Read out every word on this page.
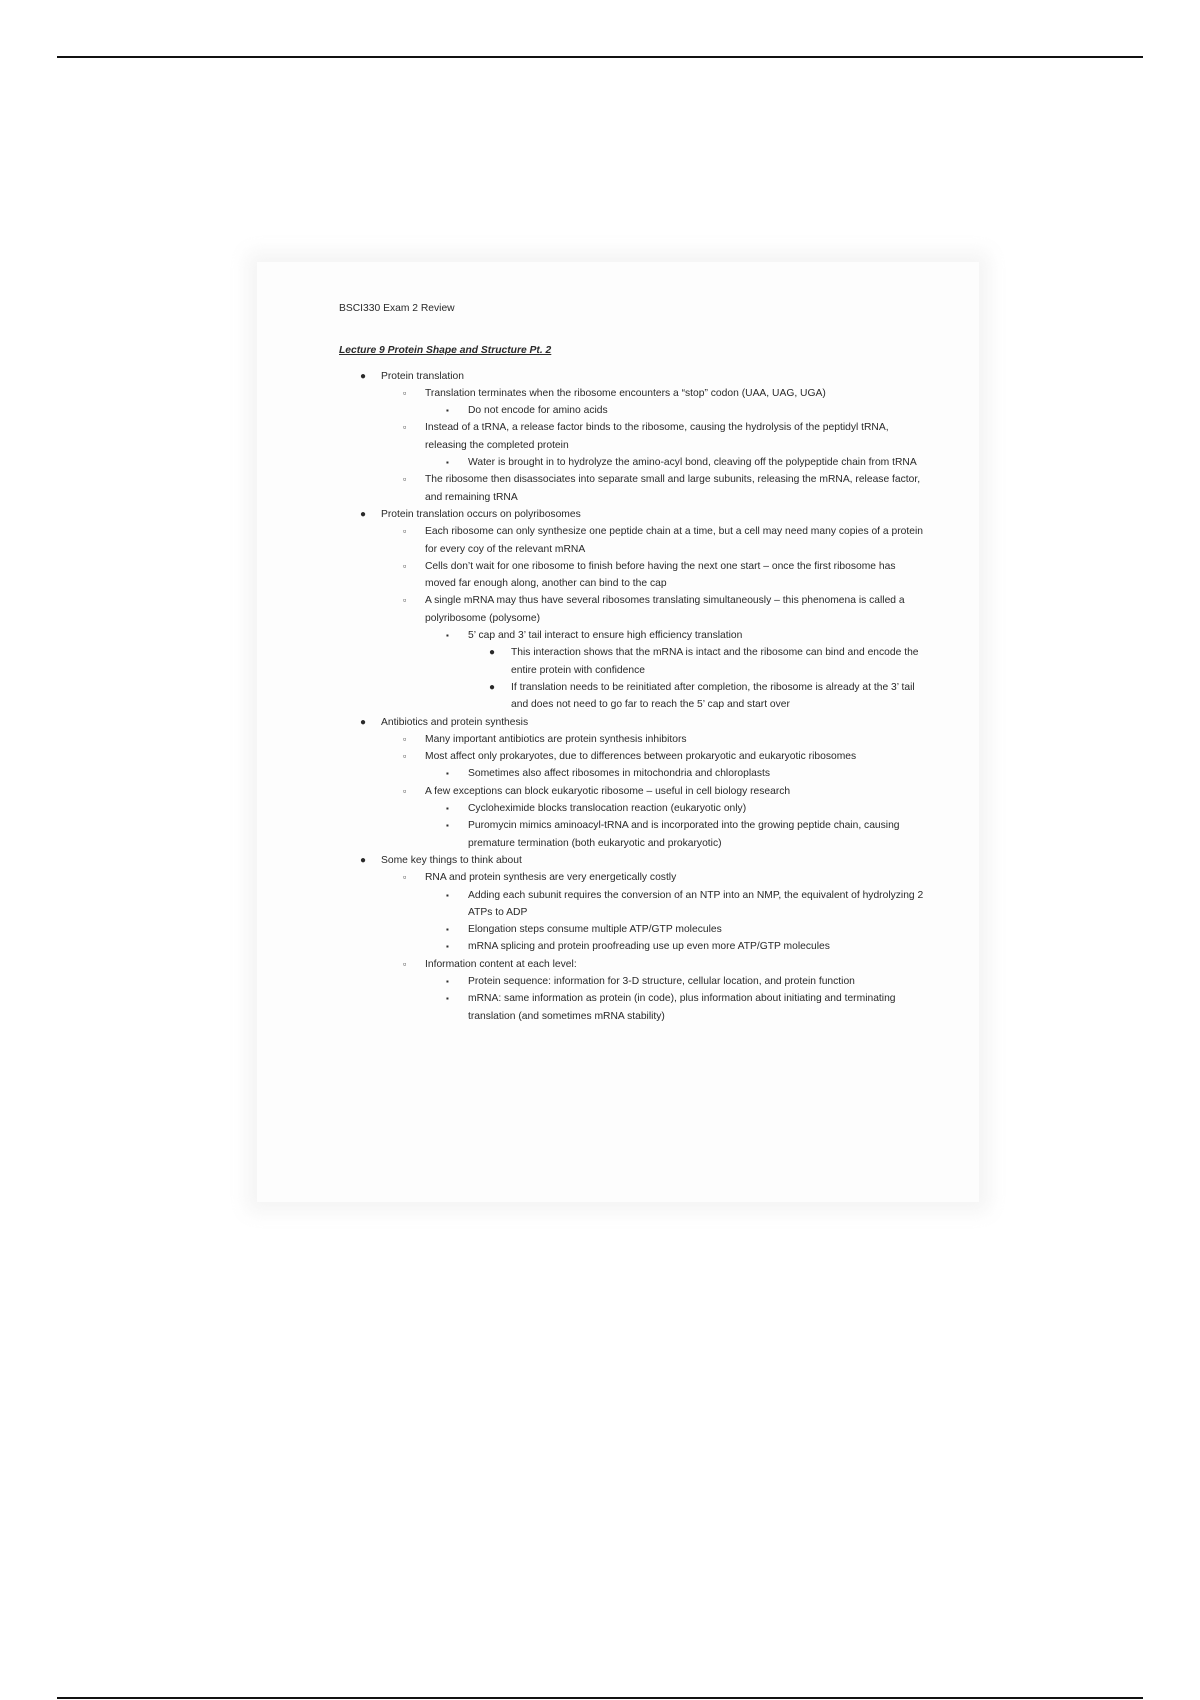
BSCI330 Exam 2 Review
Lecture 9 Protein Shape and Structure Pt. 2
● Protein translation
▫ Translation terminates when the ribosome encounters a “stop” codon (UAA, UAG, UGA)
▪ Do not encode for amino acids
▫ Instead of a tRNA, a release factor binds to the ribosome, causing the hydrolysis of the peptidyl tRNA, releasing the completed protein
▪ Water is brought in to hydrolyze the amino-acyl bond, cleaving off the polypeptide chain from tRNA
▫ The ribosome then disassociates into separate small and large subunits, releasing the mRNA, release factor, and remaining tRNA
● Protein translation occurs on polyribosomes
▫ Each ribosome can only synthesize one peptide chain at a time, but a cell may need many copies of a protein for every coy of the relevant mRNA
▫ Cells don’t wait for one ribosome to finish before having the next one start – once the first ribosome has moved far enough along, another can bind to the cap
▫ A single mRNA may thus have several ribosomes translating simultaneously – this phenomena is called a polyribosome (polysome)
▪ 5’ cap and 3’ tail interact to ensure high efficiency translation
● This interaction shows that the mRNA is intact and the ribosome can bind and encode the entire protein with confidence
● If translation needs to be reinitiated after completion, the ribosome is already at the 3’ tail and does not need to go far to reach the 5’ cap and start over
● Antibiotics and protein synthesis
▫ Many important antibiotics are protein synthesis inhibitors
▫ Most affect only prokaryotes, due to differences between prokaryotic and eukaryotic ribosomes
▪ Sometimes also affect ribosomes in mitochondria and chloroplasts
▫ A few exceptions can block eukaryotic ribosome – useful in cell biology research
▪ Cycloheximide blocks translocation reaction (eukaryotic only)
▪ Puromycin mimics aminoacyl-tRNA and is incorporated into the growing peptide chain, causing premature termination (both eukaryotic and prokaryotic)
● Some key things to think about
▫ RNA and protein synthesis are very energetically costly
▪ Adding each subunit requires the conversion of an NTP into an NMP, the equivalent of hydrolyzing 2 ATPs to ADP
▪ Elongation steps consume multiple ATP/GTP molecules
▪ mRNA splicing and protein proofreading use up even more ATP/GTP molecules
▫ Information content at each level:
▪ Protein sequence: information for 3-D structure, cellular location, and protein function
▪ mRNA: same information as protein (in code), plus information about initiating and terminating translation (and sometimes mRNA stability)
